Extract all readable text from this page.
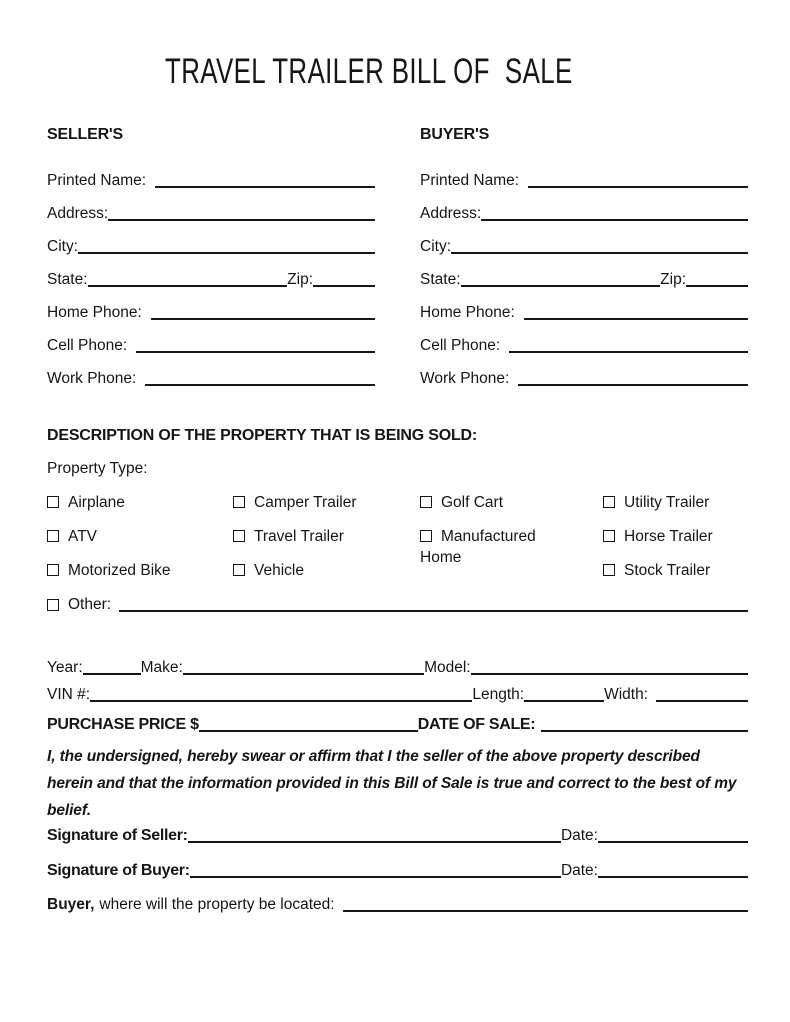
TRAVEL TRAILER BILL OF  SALE
SELLER'S
Printed Name:
Address:
City:
State:	Zip:
Home Phone:
Cell Phone:
Work Phone:
BUYER'S
Printed Name:
Address:
City:
State:	Zip:
Home Phone:
Cell Phone:
Work Phone:
DESCRIPTION OF THE PROPERTY THAT IS BEING SOLD:
Property Type:
Airplane
ATV
Motorized Bike
Camper Trailer
Travel Trailer
Vehicle
Golf Cart
Manufactured Home
Utility Trailer
Horse Trailer
Stock Trailer
Other:
Year:	Make:	Model:
VIN #:	Length:	Width:
PURCHASE PRICE $	DATE OF SALE:

I, the undersigned, hereby swear or affirm that I the seller of the above property described herein and that the information provided in this Bill of Sale is true and correct to the best of my belief.

Signature of Seller:	Date:
Signature of Buyer:	Date:
Buyer, where will the property be located:
